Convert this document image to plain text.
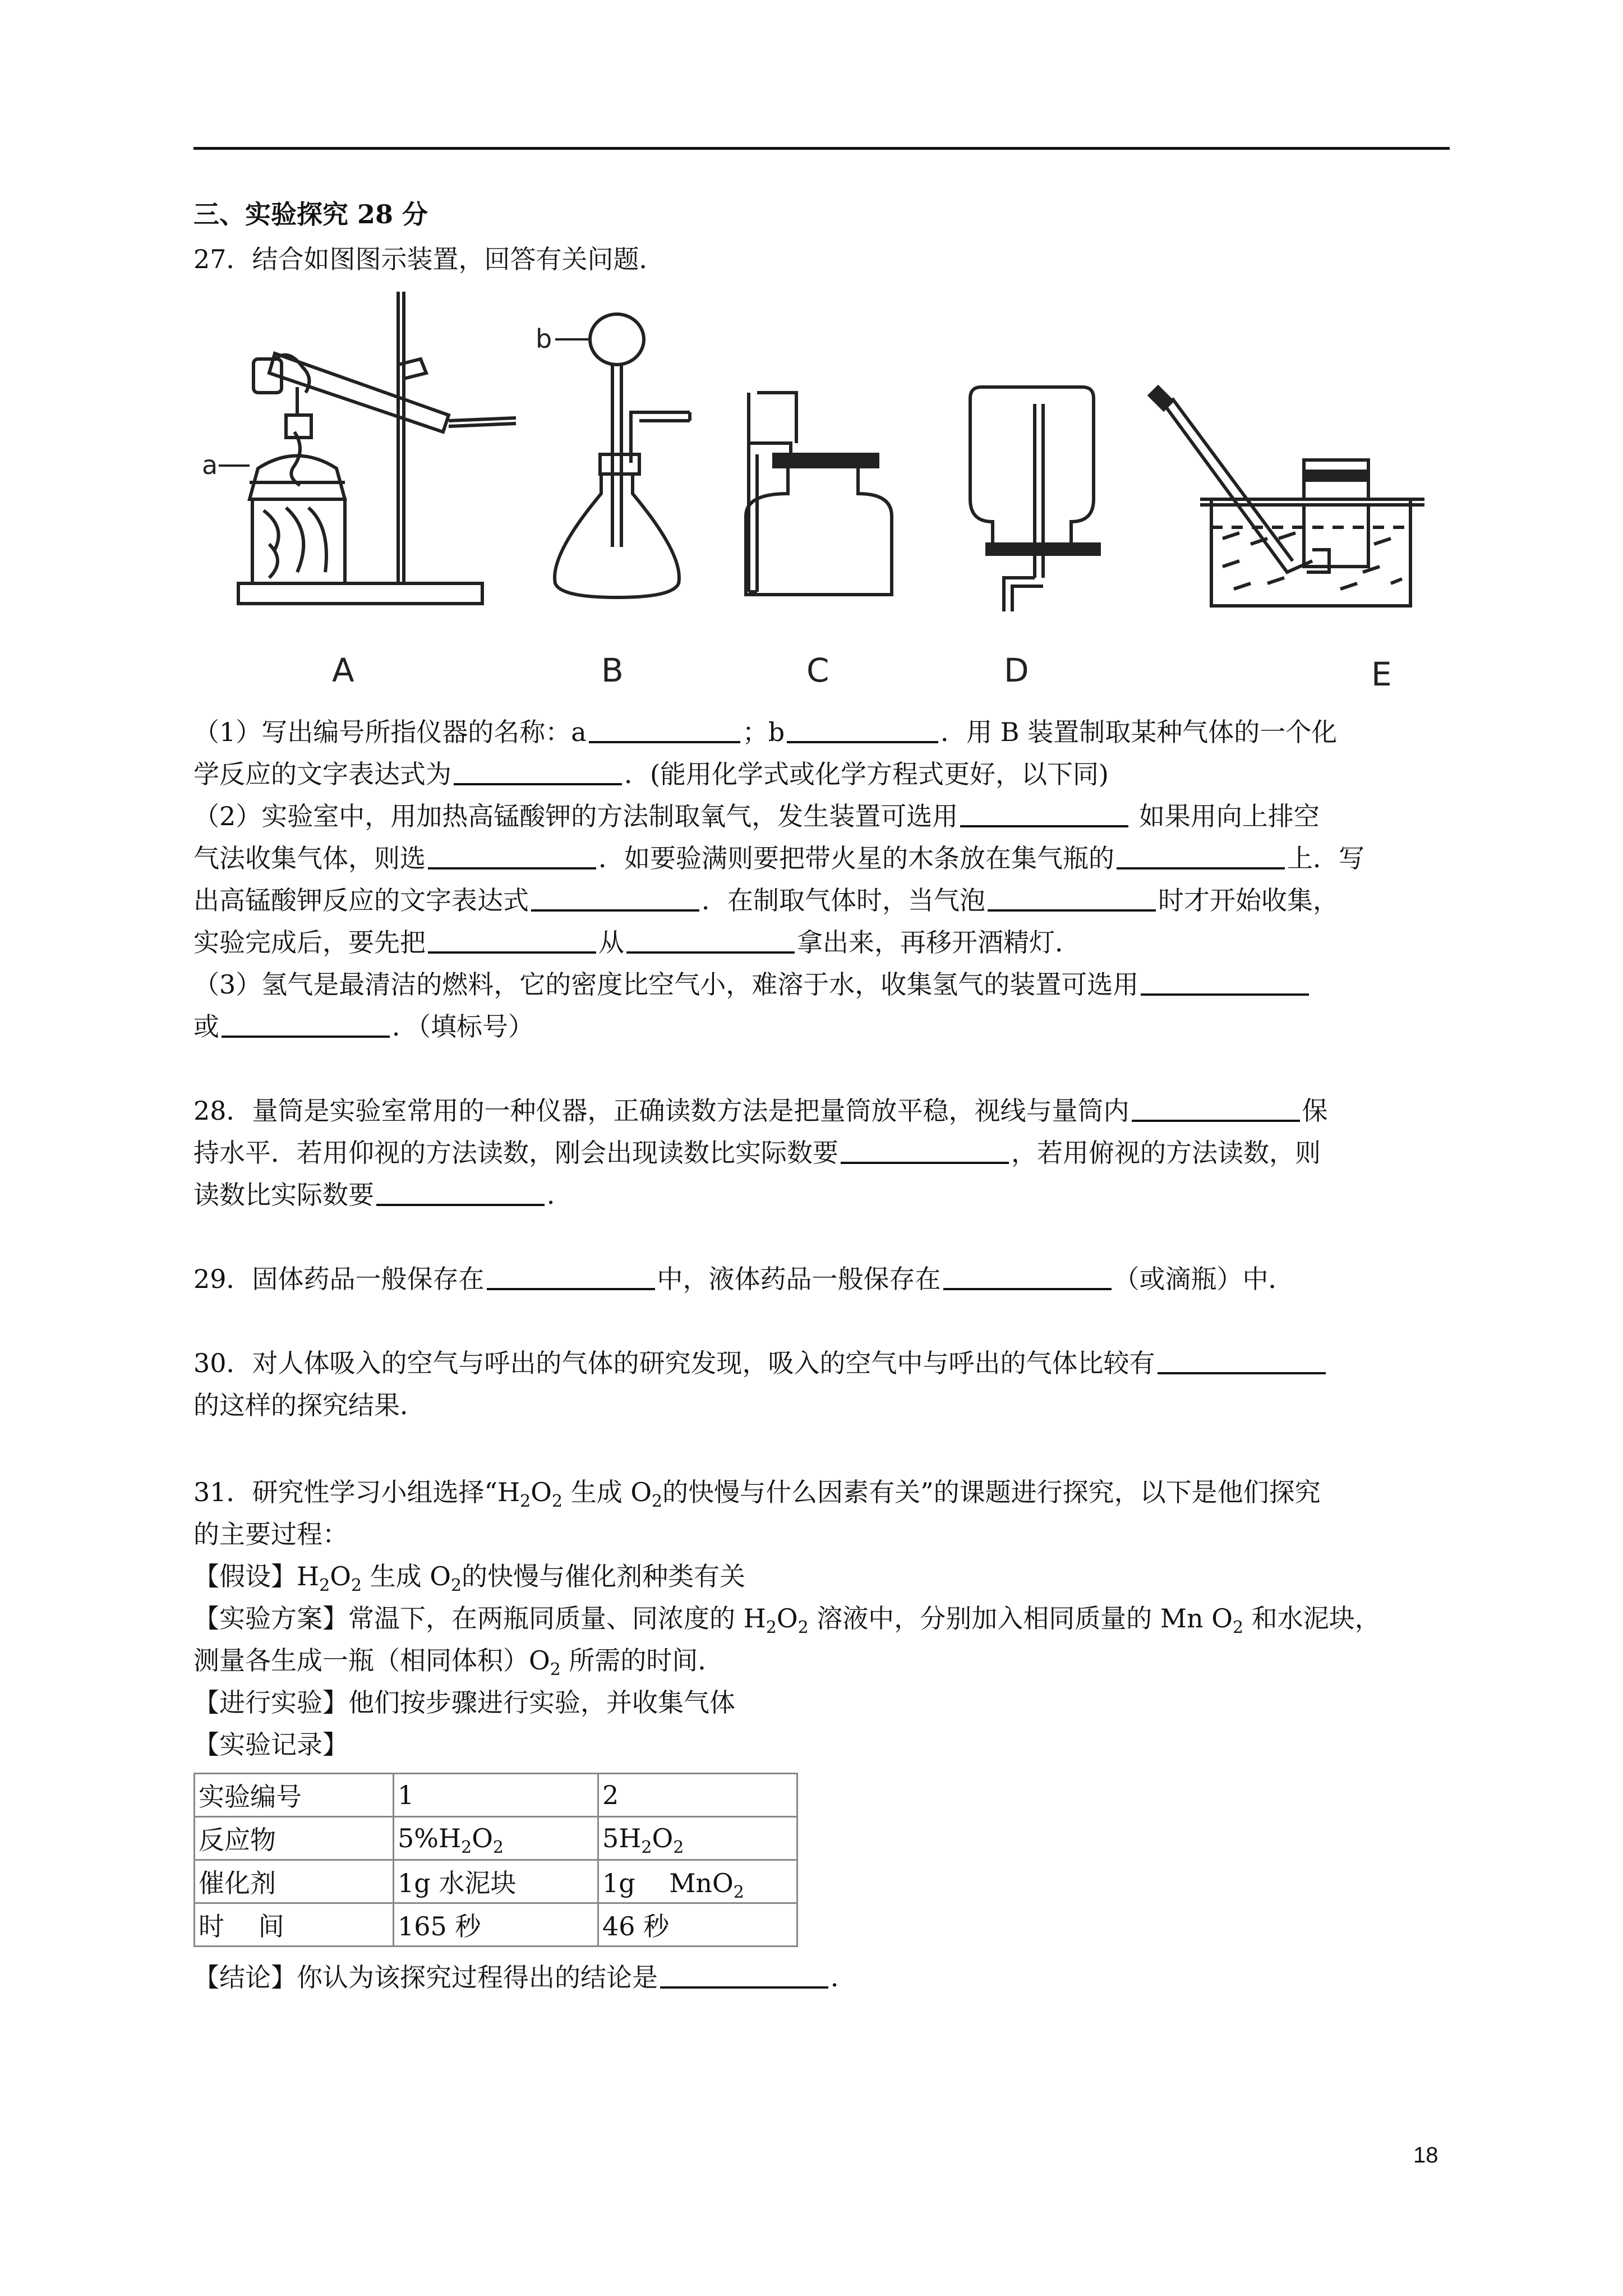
三、实验探究 28 分
27．结合如图图示装置，回答有关问题．
a
b
A	B	C	D	E
（1）写出编号所指仪器的名称：a	；b	．用 B 装置制取某种气体的一个化
学反应的文字表达式为	．(能用化学式或化学方程式更好，以下同)
（2）实验室中，用加热高锰酸钾的方法制取氧气，发生装置可选用	如果用向上排空
气法收集气体，则选	．如要验满则要把带火星的木条放在集气瓶的	上．写
出高锰酸钾反应的文字表达式	．在制取气体时，当气泡	时才开始收集，
实验完成后，要先把	从	拿出来，再移开酒精灯．
（3）氢气是最清洁的燃料，它的密度比空气小，难溶于水，收集氢气的装置可选用
或	．（填标号）
28．量筒是实验室常用的一种仪器，正确读数方法是把量筒放平稳，视线与量筒内	保
持水平．若用仰视的方法读数，刚会出现读数比实际数要	，若用俯视的方法读数，则
读数比实际数要	．
29．固体药品一般保存在	中，液体药品一般保存在	（或滴瓶）中．
30．对人体吸入的空气与呼出的气体的研究发现，吸入的空气中与呼出的气体比较有
的这样的探究结果．
31．研究性学习小组选择“$H_2O_2$ 生成 $O_2$的快慢与什么因素有关”的课题进行探究，以下是他们探究
的主要过程：
【假设】$H_2O_2$ 生成 $O_2$的快慢与催化剂种类有关
【实验方案】常温下，在两瓶同质量、同浓度的 $H_2O_2$ 溶液中，分别加入相同质量的 Mn $O_2$ 和水泥块，
测量各生成一瓶（相同体积）$O_2$ 所需的时间．
【进行实验】他们按步骤进行实验，并收集气体
【实验记录】
实验编号	1	2
反应物	$5\%H_2O_2$	$5H_2O_2$
催化剂	1g 水泥块	1g　 MnO$_2$
时　 间	165 秒	46 秒
【结论】你认为该探究过程得出的结论是	．
18
